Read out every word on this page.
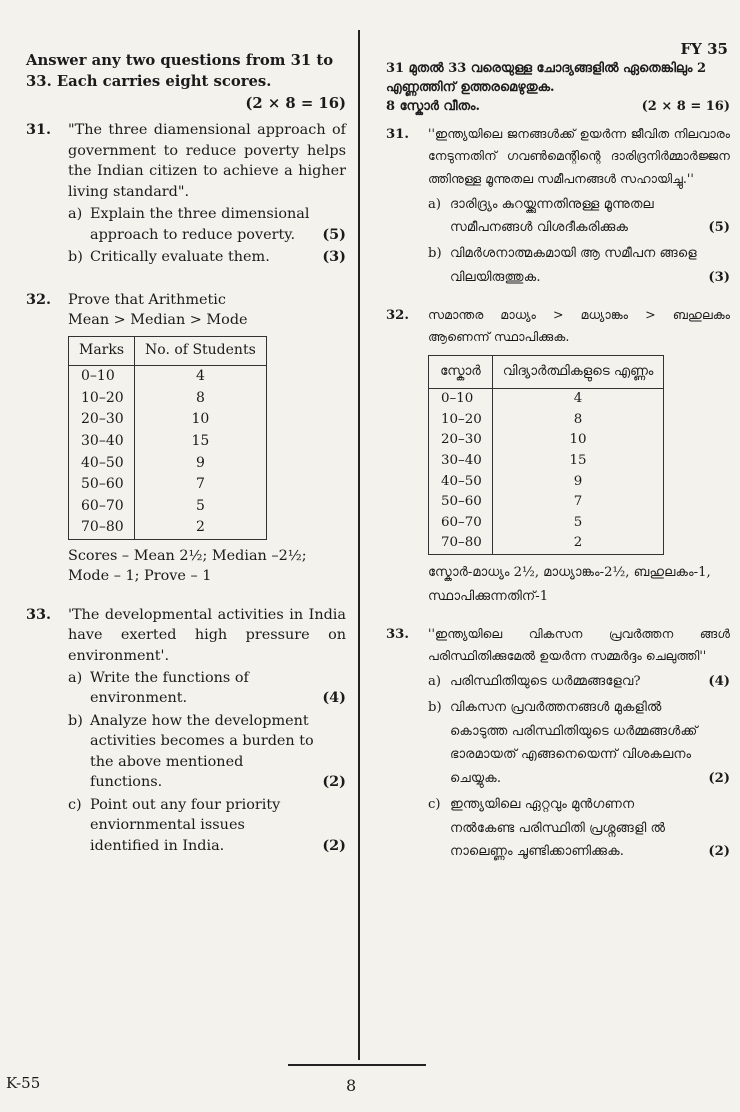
FY 35
Answer any two questions from 31 to 33. Each carries eight scores.
(2 × 8 = 16)
31. "The three diamensional approach of government to reduce poverty helps the Indian citizen to achieve a higher living standard".
a) Explain the three dimensional approach to reduce poverty. (5)
b) Critically evaluate them.	(3)
32. Prove that Arithmetic
Mean > Median > Mode
Marks	No. of Students
0–10	4
10–20	8
20–30	10
30–40	15
40–50	9
50–60	7
60–70	5
70–80	2
Scores – Mean 2½; Median –2½; Mode – 1; Prove – 1
33. 'The developmental activities in India have exerted high pressure on environment'.
a) Write the functions of environment.	(4)
b) Analyze how the development activities becomes a burden to the above mentioned functions.	(2)
c) Point out any four priority enviornmental issues identified in India.	(2)
31 മുതൽ 33 വരെയുള്ള ചോദ്യങ്ങളിൽ ഏതെങ്കിലും 2 എണ്ണത്തിന് ഉത്തരമെഴുതുക.
8 സ്കോർ വീതം.	(2 × 8 = 16)
31. ''ഇന്ത്യയിലെ ജനങ്ങൾക്ക് ഉയർന്ന ജീവിത നിലവാരം നേടുന്നതിന് ഗവൺമെന്റിന്റെ ദാരിദ്രനിർമ്മാർജ്ജന ത്തിനുള്ള മൂന്നുതല സമീപനങ്ങൾ സഹായിച്ചു.''
a) ദാരിദ്ര്യം കുറയ്ക്കുന്നതിനുള്ള മൂന്നുതല സമീപനങ്ങൾ വിശദീകരിക്കുക	(5)
b) വിമർശനാത്മകമായി ആ സമീപന ങ്ങളെ വിലയിരുത്തുക.	(3)
32. സമാന്തര മാധ്യം > മധ്യാങ്കം > ബഹുലകം ആണെന്ന് സ്ഥാപിക്കുക.
സ്കോർ	വിദ്യാർത്ഥികളുടെ എണ്ണം
0–10	4
10–20	8
20–30	10
30–40	15
40–50	9
50–60	7
60–70	5
70–80	2
സ്കോർ-മാധ്യം 2½, മാധ്യാങ്കം-2½, ബഹുലകം-1, സ്ഥാപിക്കുന്നതിന്-1
33. ''ഇന്ത്യയിലെ വികസന പ്രവർത്തന ങ്ങൾ പരിസ്ഥിതിക്കുമേൽ ഉയർന്ന സമ്മർദ്ദം ചെലുത്തി''
a) പരിസ്ഥിതിയുടെ ധർമ്മങ്ങളേവ?	(4)
b) വികസന പ്രവർത്തനങ്ങൾ മുകളിൽ കൊടുത്ത പരിസ്ഥിതിയുടെ ധർമ്മങ്ങൾക്ക് ഭാരമായത് എങ്ങനെയെന്ന് വിശകലനം ചെയ്യുക.	(2)
c) ഇന്ത്യയിലെ ഏറ്റവും മുൻഗണന നൽകേണ്ട പരിസ്ഥിതി പ്രശ്നങ്ങളി ൽ നാലെണ്ണം ചൂണ്ടിക്കാണിക്കുക.	(2)
8
K-55
